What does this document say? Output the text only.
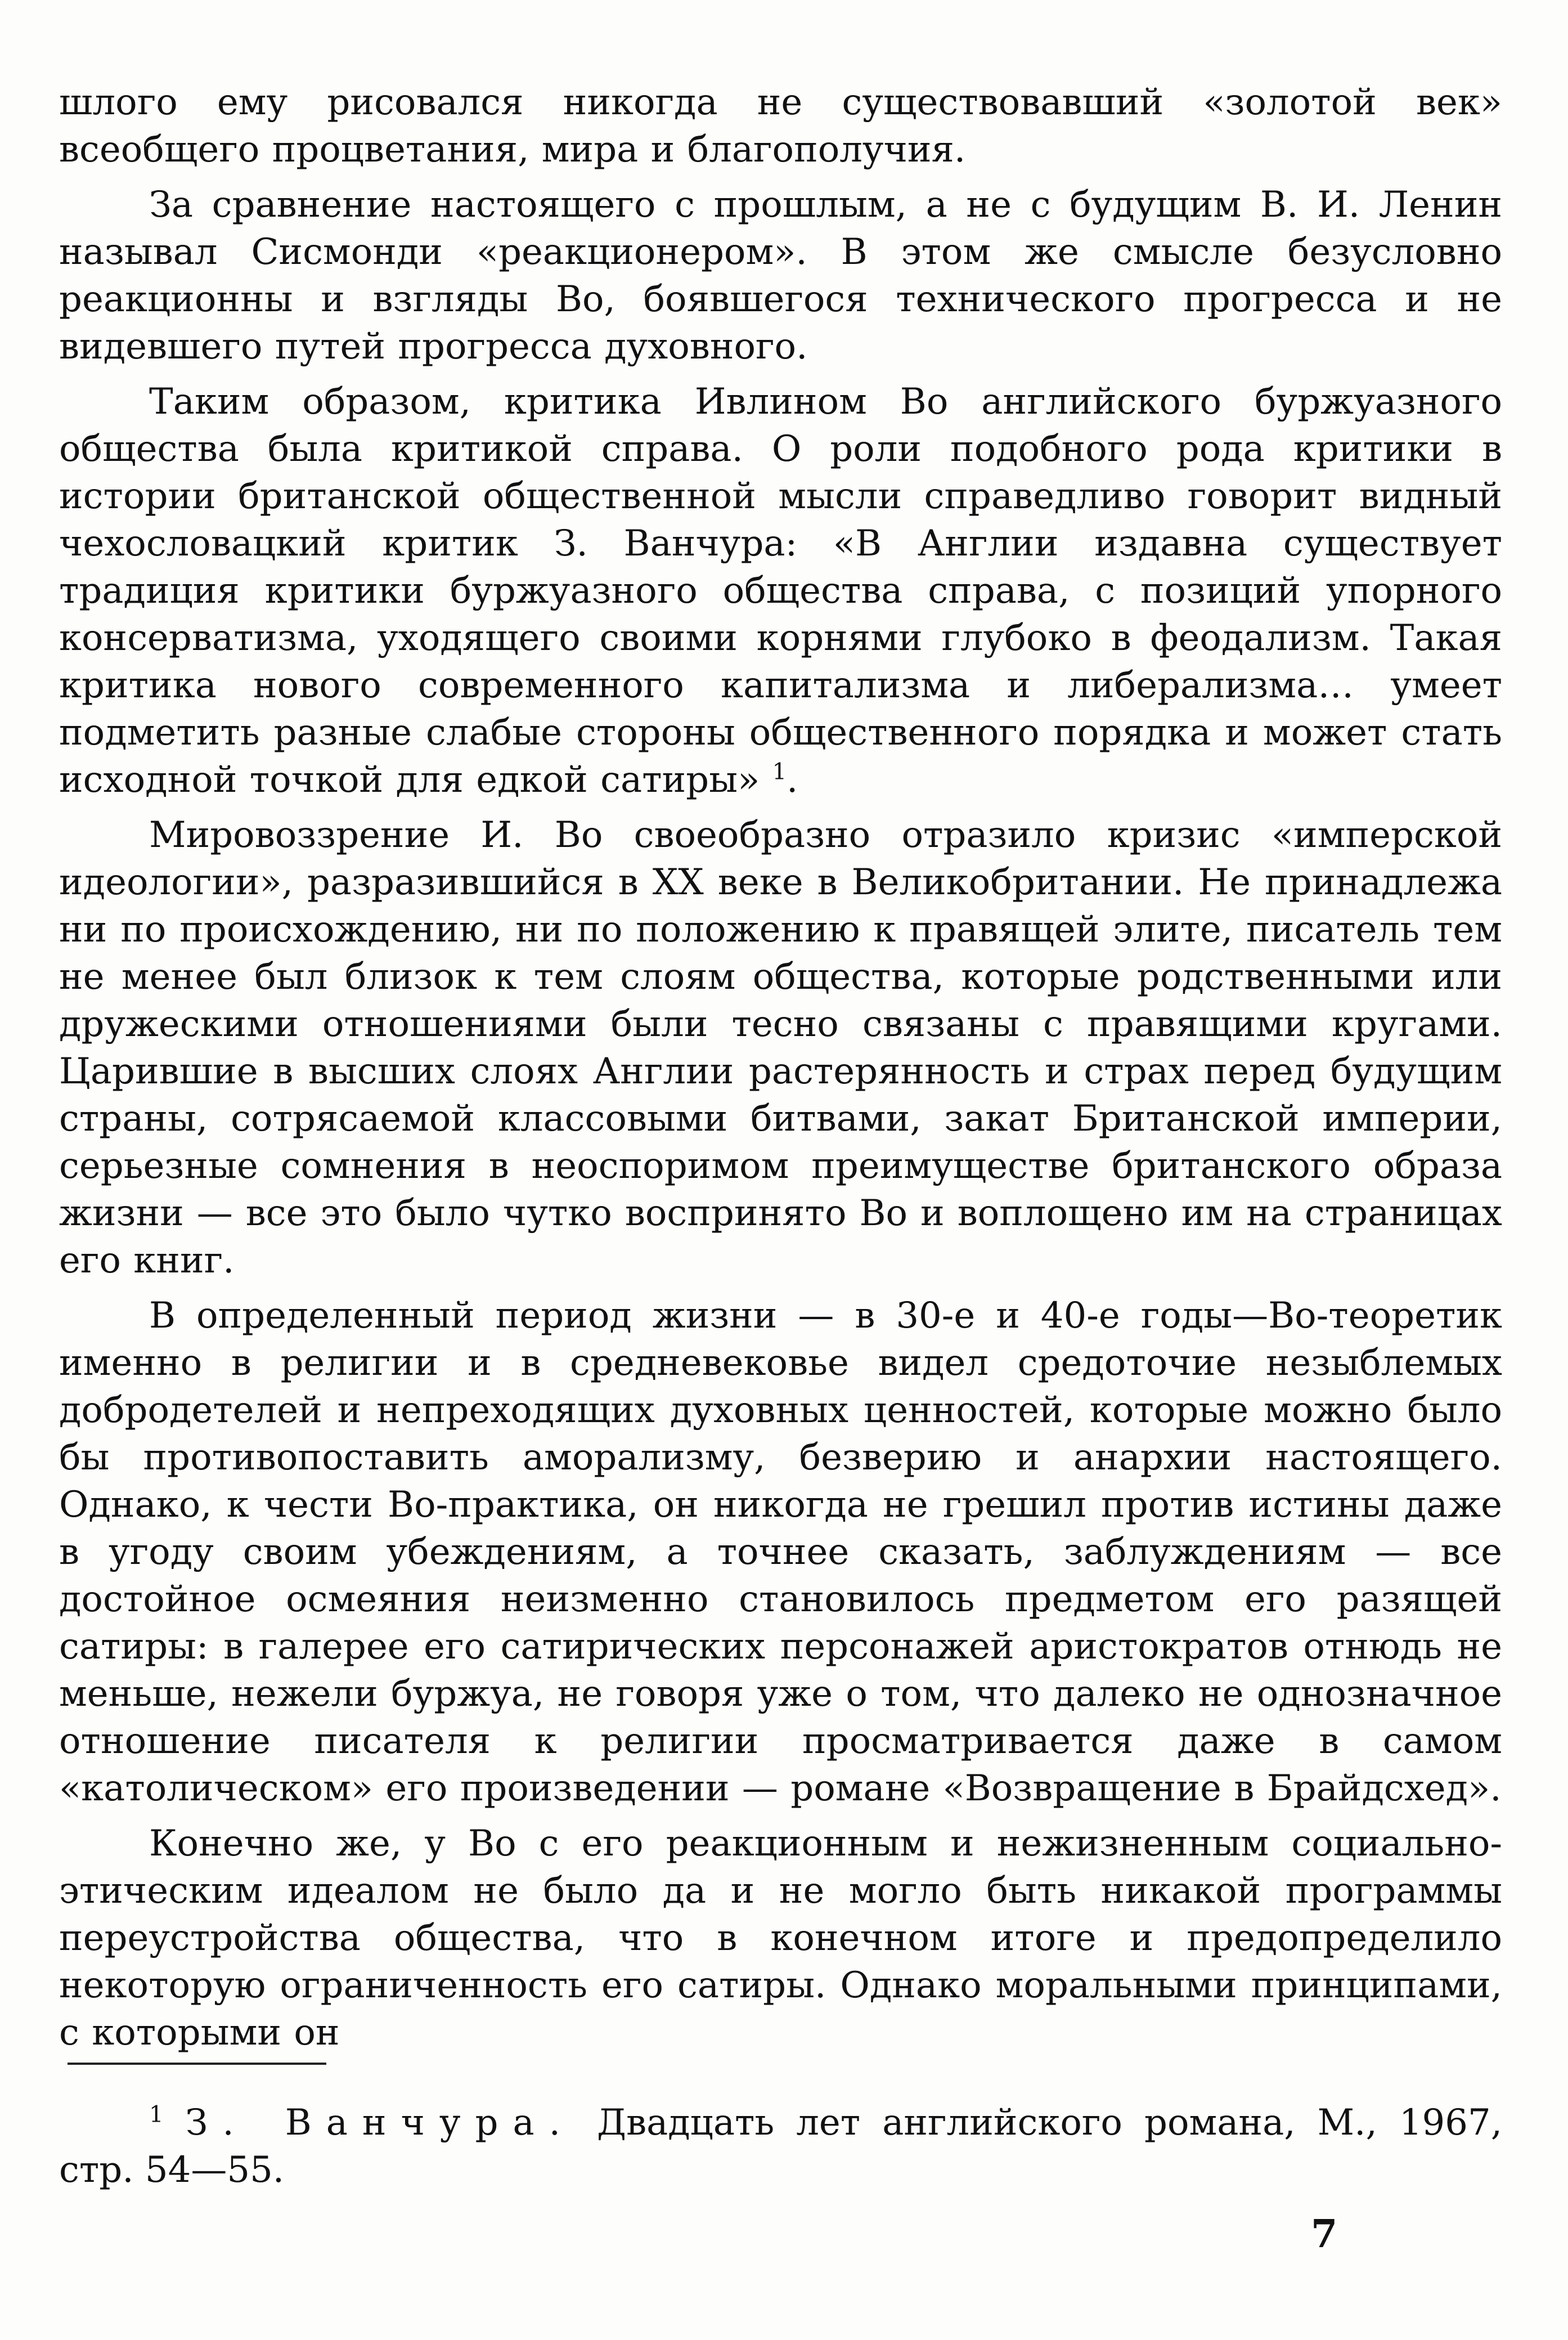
шлого ему рисовался никогда не существовавший «золотой век» всеобщего процветания, мира и благополучия.

За сравнение настоящего с прошлым, а не с будущим В. И. Ленин называл Сисмонди «реакционером». В этом же смысле безусловно реакционны и взгляды Во, боявшегося технического прогресса и не видевшего путей прогресса духовного.

Таким образом, критика Ивлином Во английского буржуазного общества была критикой справа. О роли подобного рода критики в истории британской общественной мысли справедливо говорит видный чехословацкий критик З. Ванчура: «В Англии издавна существует традиция критики буржуазного общества справа, с позиций упорного консерватизма, уходящего своими корнями глубоко в феодализм. Такая критика нового современного капитализма и либерализма… умеет подметить разные слабые стороны общественного порядка и может стать исходной точкой для едкой сатиры» $^1$.

Мировоззрение И. Во своеобразно отразило кризис «имперской идеологии», разразившийся в XX веке в Великобритании. Не принадлежа ни по происхождению, ни по положению к правящей элите, писатель тем не менее был близок к тем слоям общества, которые родственными или дружескими отношениями были тесно связаны с правящими кругами. Царившие в высших слоях Англии растерянность и страх перед будущим страны, сотрясаемой классовыми битвами, закат Британской империи, серьезные сомнения в неоспоримом преимуществе британского образа жизни — все это было чутко воспринято Во и воплощено им на страницах его книг.

В определенный период жизни — в 30-е и 40-е годы—Во-теоретик именно в религии и в средневековье видел средоточие незыблемых добродетелей и непреходящих духовных ценностей, которые можно было бы противопоставить аморализму, безверию и анархии настоящего. Однако, к чести Во-практика, он никогда не грешил против истины даже в угоду своим убеждениям, а точнее сказать, заблуждениям — все достойное осмеяния неизменно становилось предметом его разящей сатиры: в галерее его сатирических персонажей аристократов отнюдь не меньше, нежели буржуа, не говоря уже о том, что далеко не однозначное отношение писателя к религии просматривается даже в самом «католическом» его произведении — романе «Возвращение в Брайдсхед».

Конечно же, у Во с его реакционным и нежизненным социально-этическим идеалом не было да и не могло быть никакой программы переустройства общества, что в конечном итоге и предопределило некоторую ограниченность его сатиры. Однако моральными принципами, с которыми он

$^1$ З. Ванчура. Двадцать лет английского романа, М., 1967, стр. 54—55.

7
